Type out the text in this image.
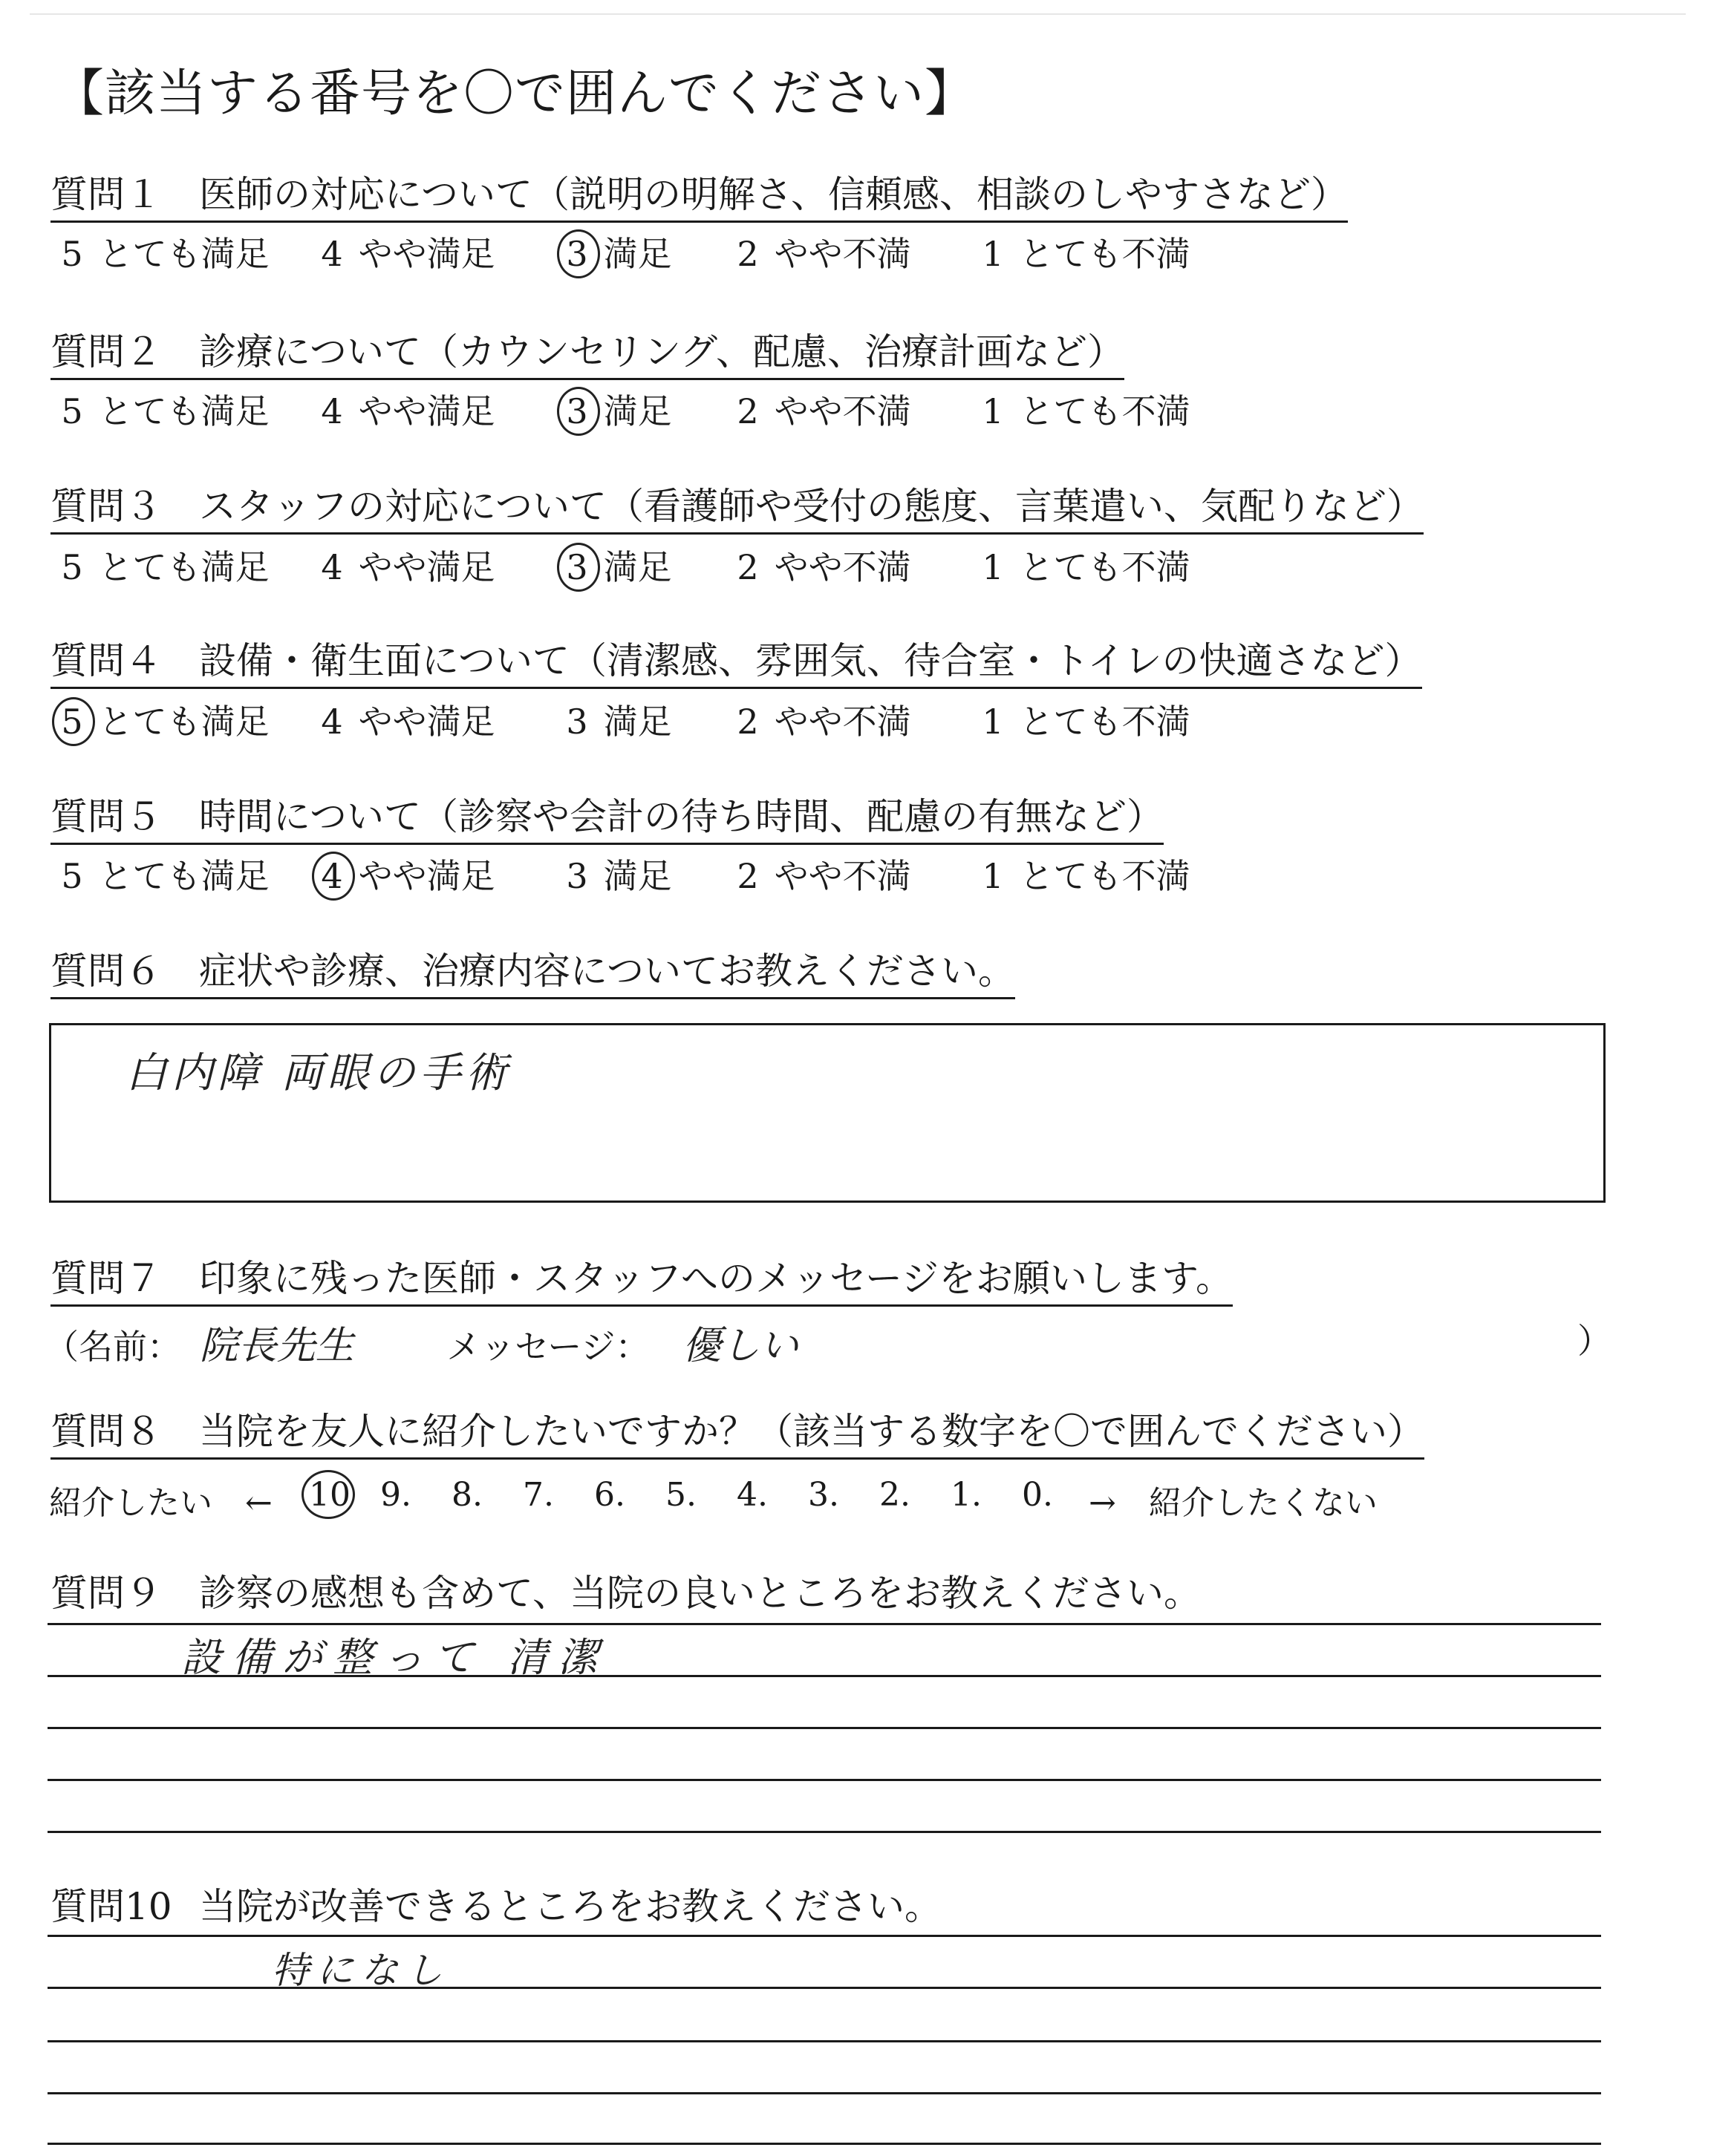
【該当する番号を〇で囲んでください】
質問１ 医師の対応について（説明の明解さ、信頼感、相談のしやすさなど）
5 とても満足 4 やや満足 3
満足 2 やや不満 1 とても不満
質問２ 診療について（カウンセリング、配慮、治療計画など）
5 とても満足 4 やや満足 3
満足 2 やや不満 1 とても不満
質問３ スタッフの対応について（看護師や受付の態度、言葉遣い、気配りなど）
5 とても満足 4 やや満足 3
満足 2 やや不満 1 とても不満
質問４ 設備・衛生面について（清潔感、雰囲気、待合室・トイレの快適さなど）
5
とても満足 4 やや満足 3 満足 2 やや不満 1 とても不満
質問５ 時間について（診察や会計の待ち時間、配慮の有無など）
5 とても満足 4
やや満足 3 満足 2 やや不満 1 とても不満
質問６ 症状や診療、治療内容についてお教えください。
白内障 両眼の手術
質問７ 印象に残った医師・スタッフへのメッセージをお願いします。
（名前： 院長先生	メッセージ： 優しい	）
質問８ 当院を友人に紹介したいですか？（該当する数字を〇で囲んでください）
紹介したい　← 10 9. 8. 7. 6. 5. 4. 3. 2. 1. 0. →　紹介したくない
質問９ 診察の感想も含めて、当院の良いところをお教えください。
設備が整って 清潔
質問10 当院が改善できるところをお教えください。
特になし
